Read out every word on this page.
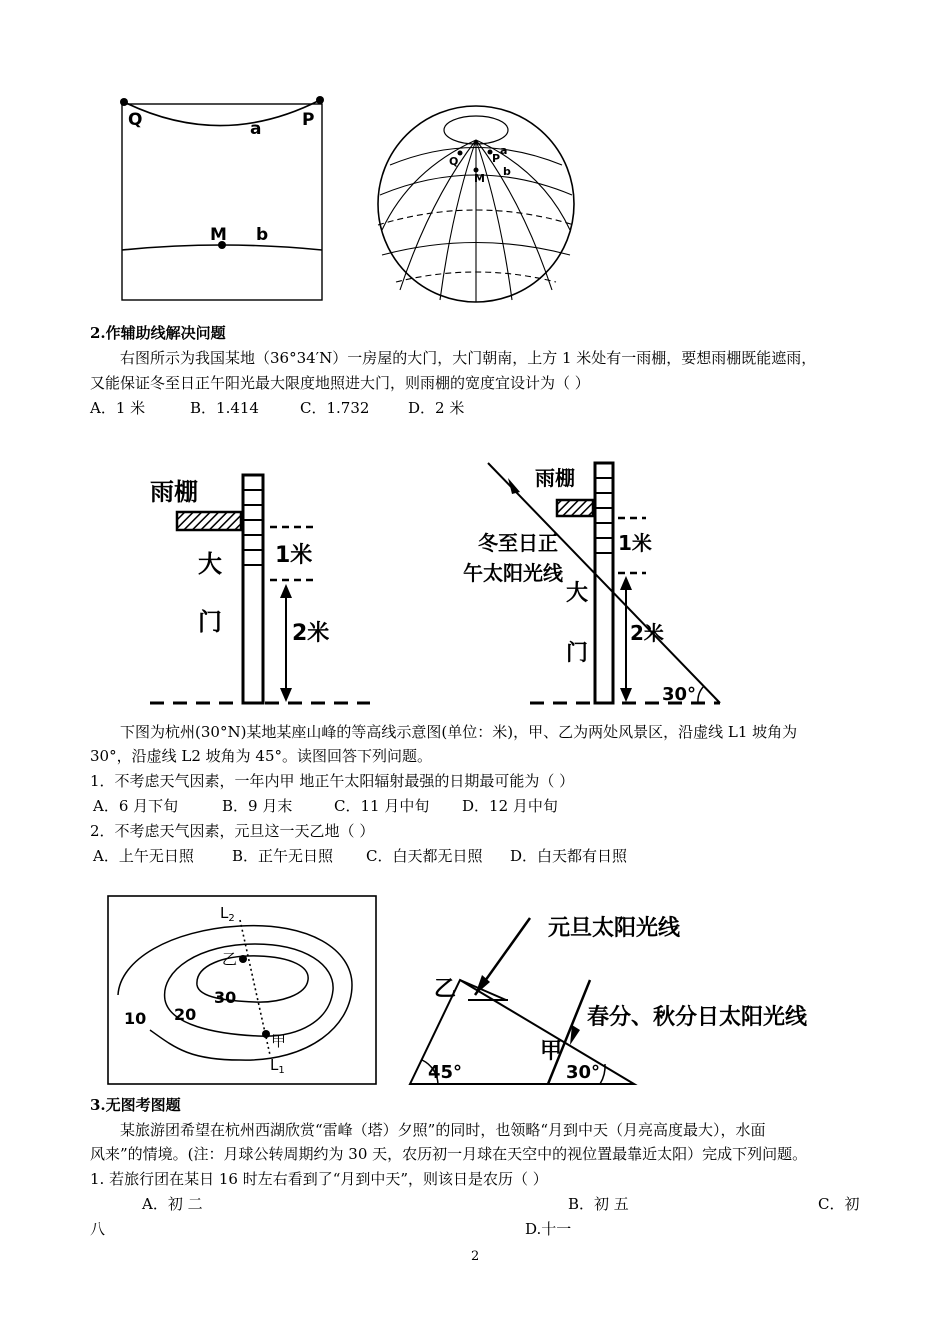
Q	P
a
M b
Q	P
a
M
b
2.作辅助线解决问题
右图所示为我国某地（36°34′N）一房屋的大门，大门朝南，上方 1 米处有一雨棚，要想雨棚既能遮雨，
又能保证冬至日正午阳光最大限度地照进大门，则雨棚的宽度宜设计为（ ）
A．1 米	B．1.414	C．1.732	D．2 米
雨棚
大
门
1米
2米
雨棚
冬至日正
午太阳光线
大
门
1米
2米
30°
下图为杭州(30°N)某地某座山峰的等高线示意图(单位：米)，甲、乙为两处风景区，沿虚线 L1 坡角为
30°，沿虚线 L2 坡角为 45°。读图回答下列问题。
1．不考虑天气因素，一年内甲 地正午太阳辐射最强的日期最可能为（ ）
A．6 月下旬	B．9 月末	C．11 月中旬 D．12 月中旬
2．不考虑天气因素，元旦这一天乙地（ ）
A．上午无日照	B．正午无日照 C．白天都无日照 D．白天都有日照
$L_2$
乙
30
20
10
甲
$L_1$
元旦太阳光线
春分、秋分日太阳光线
乙
甲
45°	30°
3.无图考图题
某旅游团希望在杭州西湖欣赏“雷峰（塔）夕照”的同时，也领略“月到中天（月亮高度最大），水面
风来”的情境。(注：月球公转周期约为 30 天，农历初一月球在天空中的视位置最靠近太阳）完成下列问题。
1. 若旅行团在某日 16 时左右看到了“月到中天”，则该日是农历（ ）
A．初 二	B．初 五	C．初
八	D.十一
2
